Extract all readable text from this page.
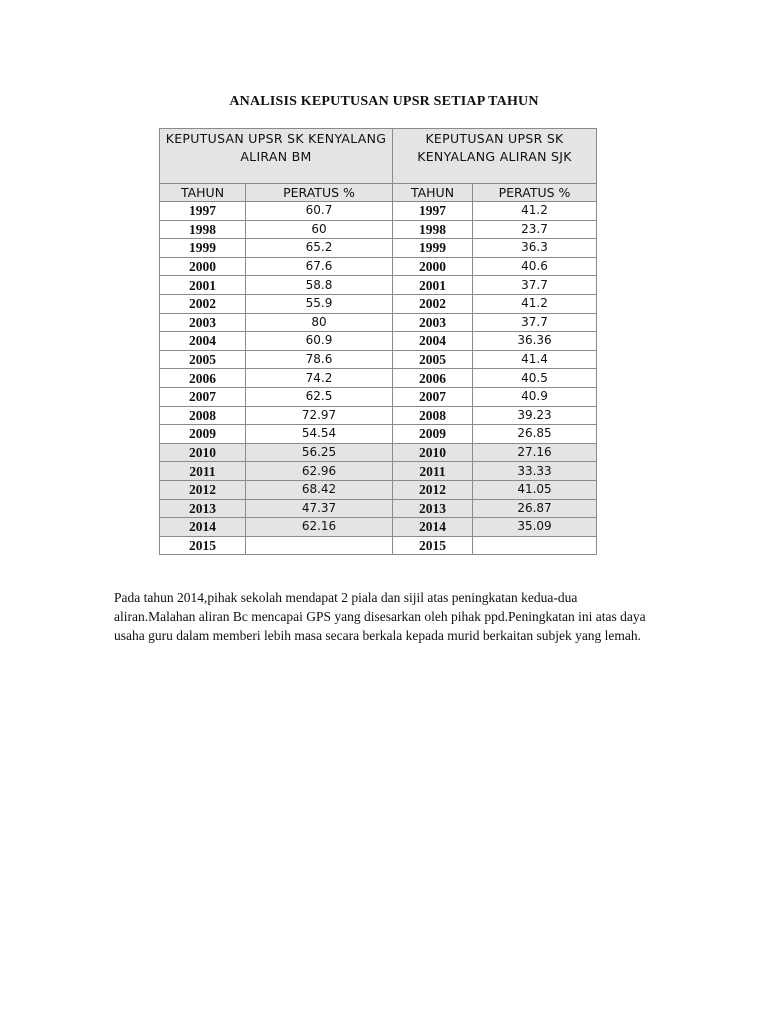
ANALISIS KEPUTUSAN UPSR SETIAP TAHUN
KEPUTUSAN UPSR SK KENYALANG ALIRAN BM		KEPUTUSAN UPSR SK KENYALANG ALIRAN SJK	
TAHUN	PERATUS %	TAHUN	PERATUS %
1997	60.7	1997	41.2
1998	60	1998	23.7
1999	65.2	1999	36.3
2000	67.6	2000	40.6
2001	58.8	2001	37.7
2002	55.9	2002	41.2
2003	80	2003	37.7
2004	60.9	2004	36.36
2005	78.6	2005	41.4
2006	74.2	2006	40.5
2007	62.5	2007	40.9
2008	72.97	2008	39.23
2009	54.54	2009	26.85
2010	56.25	2010	27.16
2011	62.96	2011	33.33
2012	68.42	2012	41.05
2013	47.37	2013	26.87
2014	62.16	2014	35.09
2015		2015	
Pada tahun 2014,pihak sekolah mendapat 2 piala dan sijil atas peningkatan kedua-dua aliran.Malahan aliran Bc mencapai GPS yang disesarkan oleh pihak ppd.Peningkatan ini atas daya usaha guru dalam memberi lebih masa secara berkala kepada murid berkaitan subjek yang lemah.
